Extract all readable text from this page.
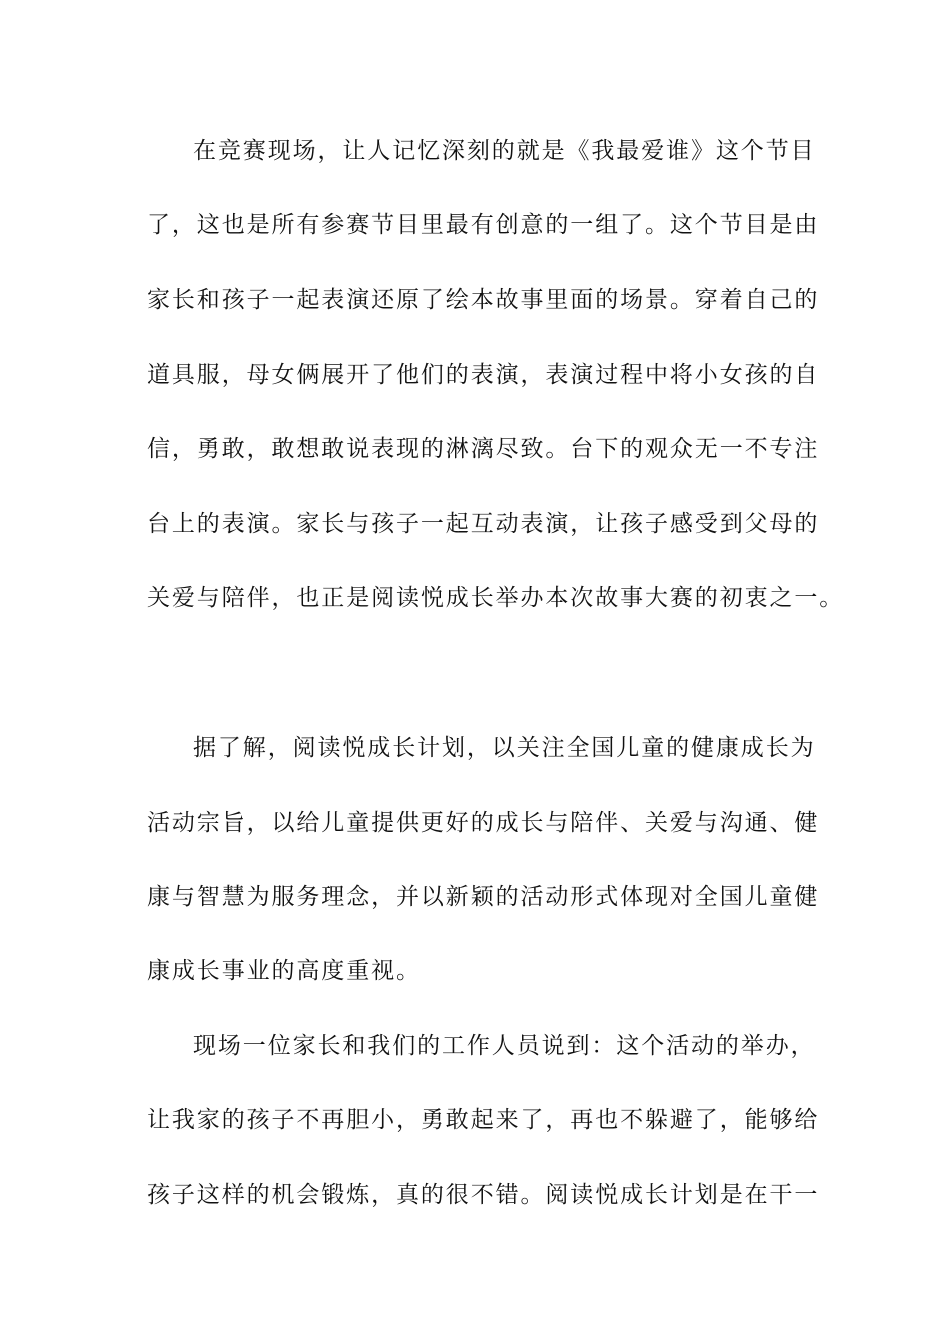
在竞赛现场，让人记忆深刻的就是《我最爱谁》这个节目
了，这也是所有参赛节目里最有创意的一组了。这个节目是由
家长和孩子一起表演还原了绘本故事里面的场景。穿着自己的
道具服，母女俩展开了他们的表演，表演过程中将小女孩的自
信，勇敢，敢想敢说表现的淋漓尽致。台下的观众无一不专注
台上的表演。家长与孩子一起互动表演，让孩子感受到父母的
关爱与陪伴，也正是阅读悦成长举办本次故事大赛的初衷之一。
据了解，阅读悦成长计划，以关注全国儿童的健康成长为
活动宗旨，以给儿童提供更好的成长与陪伴、关爱与沟通、健
康与智慧为服务理念，并以新颖的活动形式体现对全国儿童健
康成长事业的高度重视。
现场一位家长和我们的工作人员说到：这个活动的举办，
让我家的孩子不再胆小，勇敢起来了，再也不躲避了，能够给
孩子这样的机会锻炼，真的很不错。阅读悦成长计划是在干一
